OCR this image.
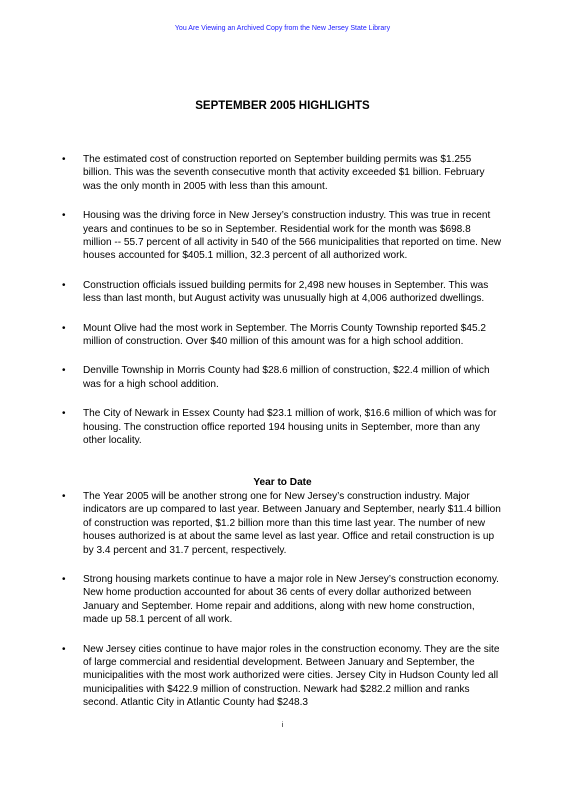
You Are Viewing an Archived Copy from the New Jersey State Library
SEPTEMBER 2005 HIGHLIGHTS
• The estimated cost of construction reported on September building permits was $1.255 billion. This was the seventh consecutive month that activity exceeded $1 billion. February was the only month in 2005 with less than this amount.
• Housing was the driving force in New Jersey’s construction industry. This was true in recent years and continues to be so in September. Residential work for the month was $698.8 million -- 55.7 percent of all activity in 540 of the 566 municipalities that reported on time. New houses accounted for $405.1 million, 32.3 percent of all authorized work.
• Construction officials issued building permits for 2,498 new houses in September. This was less than last month, but August activity was unusually high at 4,006 authorized dwellings.
• Mount Olive had the most work in September. The Morris County Township reported $45.2 million of construction. Over $40 million of this amount was for a high school addition.
• Denville Township in Morris County had $28.6 million of construction, $22.4 million of which was for a high school addition.
• The City of Newark in Essex County had $23.1 million of work, $16.6 million of which was for housing. The construction office reported 194 housing units in September, more than any other locality.
Year to Date
• The Year 2005 will be another strong one for New Jersey’s construction industry. Major indicators are up compared to last year. Between January and September, nearly $11.4 billion of construction was reported, $1.2 billion more than this time last year. The number of new houses authorized is at about the same level as last year. Office and retail construction is up by 3.4 percent and 31.7 percent, respectively.
• Strong housing markets continue to have a major role in New Jersey’s construction economy. New home production accounted for about 36 cents of every dollar authorized between January and September. Home repair and additions, along with new home construction, made up 58.1 percent of all work.
• New Jersey cities continue to have major roles in the construction economy. They are the site of large commercial and residential development. Between January and September, the municipalities with the most work authorized were cities. Jersey City in Hudson County led all municipalities with $422.9 million of construction. Newark had $282.2 million and ranks second. Atlantic City in Atlantic County had $248.3
i
